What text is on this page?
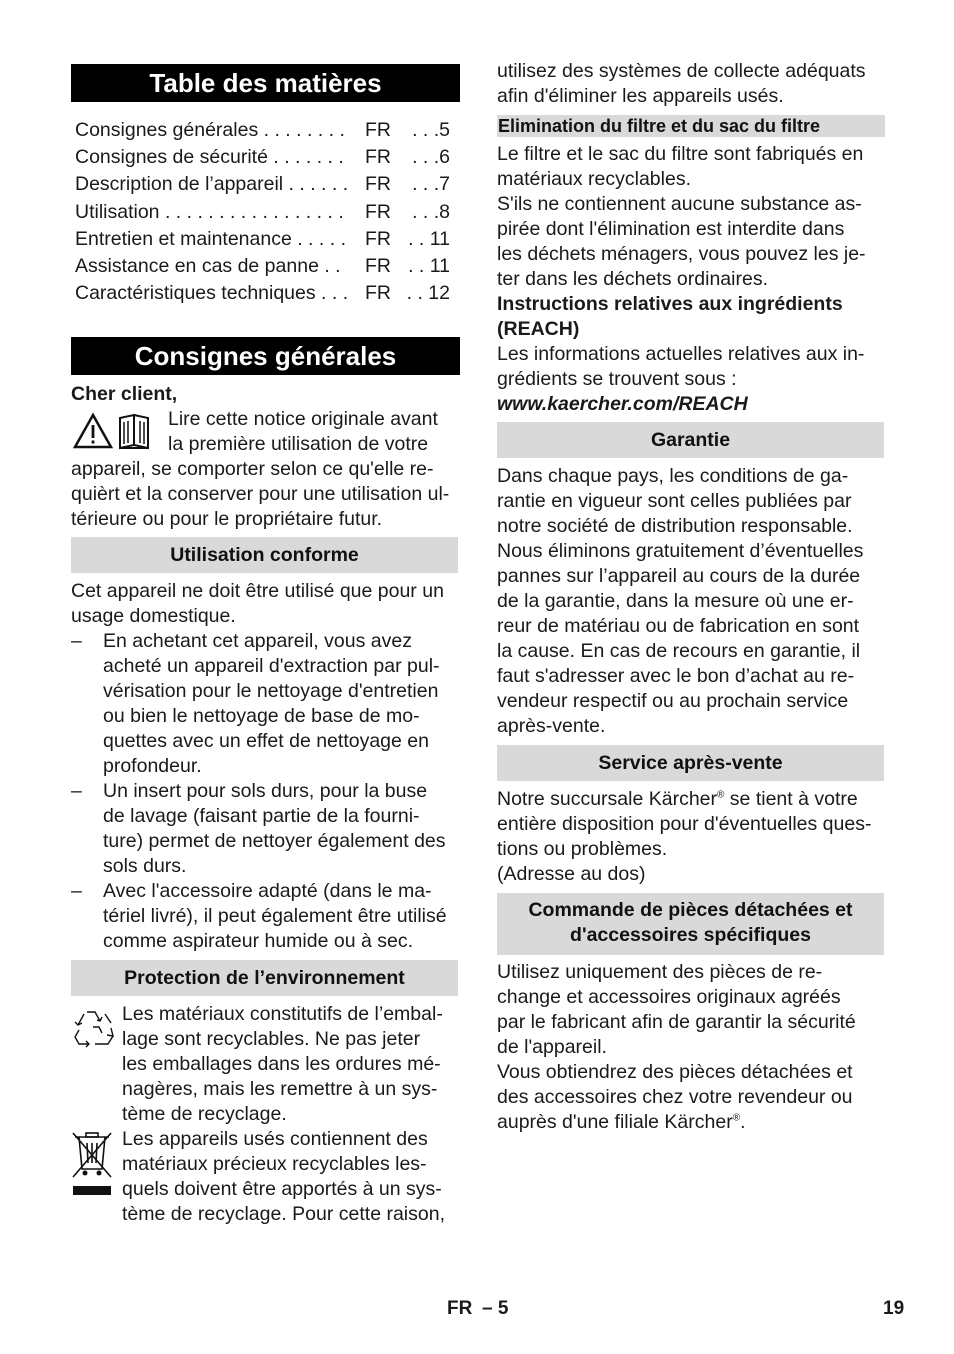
Table des matières
Consignes générales . . . . . . . . FR . . .5
Consignes de sécurité . . . . . . . FR . . .6
Description de l’appareil . . . . . . FR . . .7
Utilisation . . . . . . . . . . . . . . . . . FR . . .8
Entretien et maintenance . . . . . FR . . 11
Assistance en cas de panne . . FR . . 11
Caractéristiques techniques . . . FR . . 12
Consignes générales
Cher client,
Lire cette notice originale avant
la première utilisation de votre
appareil, se comporter selon ce qu'elle re-
quièrt et la conserver pour une utilisation ul-
térieure ou pour le propriétaire futur.
Utilisation conforme
Cet appareil ne doit être utilisé que pour un
usage domestique.
– En achetant cet appareil, vous avez
acheté un appareil d'extraction par pul-
vérisation pour le nettoyage d'entretien
ou bien le nettoyage de base de mo-
quettes avec un effet de nettoyage en
profondeur.
– Un insert pour sols durs, pour la buse
de lavage (faisant partie de la fourni-
ture) permet de nettoyer également des
sols durs.
– Avec l'accessoire adapté (dans le ma-
tériel livré), il peut également être utilisé
comme aspirateur humide ou à sec.
Protection de l’environnement
Les matériaux constitutifs de l’embal-
lage sont recyclables. Ne pas jeter
les emballages dans les ordures mé-
nagères, mais les remettre à un sys-
tème de recyclage.
Les appareils usés contiennent des
matériaux précieux recyclables les-
quels doivent être apportés à un sys-
tème de recyclage. Pour cette raison,
utilisez des systèmes de collecte adéquats
afin d'éliminer les appareils usés.
Elimination du filtre et du sac du filtre
Le filtre et le sac du filtre sont fabriqués en
matériaux recyclables.
S'ils ne contiennent aucune substance as-
pirée dont l'élimination est interdite dans
les déchets ménagers, vous pouvez les je-
ter dans les déchets ordinaires.
Instructions relatives aux ingrédients
(REACH)
Les informations actuelles relatives aux in-
grédients se trouvent sous :
www.kaercher.com/REACH
Garantie
Dans chaque pays, les conditions de ga-
rantie en vigueur sont celles publiées par
notre société de distribution responsable.
Nous éliminons gratuitement d’éventuelles
pannes sur l’appareil au cours de la durée
de la garantie, dans la mesure où une er-
reur de matériau ou de fabrication en sont
la cause. En cas de recours en garantie, il
faut s'adresser avec le bon d’achat au re-
vendeur respectif ou au prochain service
après-vente.
Service après-vente
Notre succursale Kärcher® se tient à votre
entière disposition pour d'éventuelles ques-
tions ou problèmes.
(Adresse au dos)
Commande de pièces détachées et
d'accessoires spécifiques
Utilisez uniquement des pièces de re-
change et accessoires originaux agréés
par le fabricant afin de garantir la sécurité
de l'appareil.
Vous obtiendrez des pièces détachées et
des accessoires chez votre revendeur ou
auprès d'une filiale Kärcher®.
FR – 5	19
